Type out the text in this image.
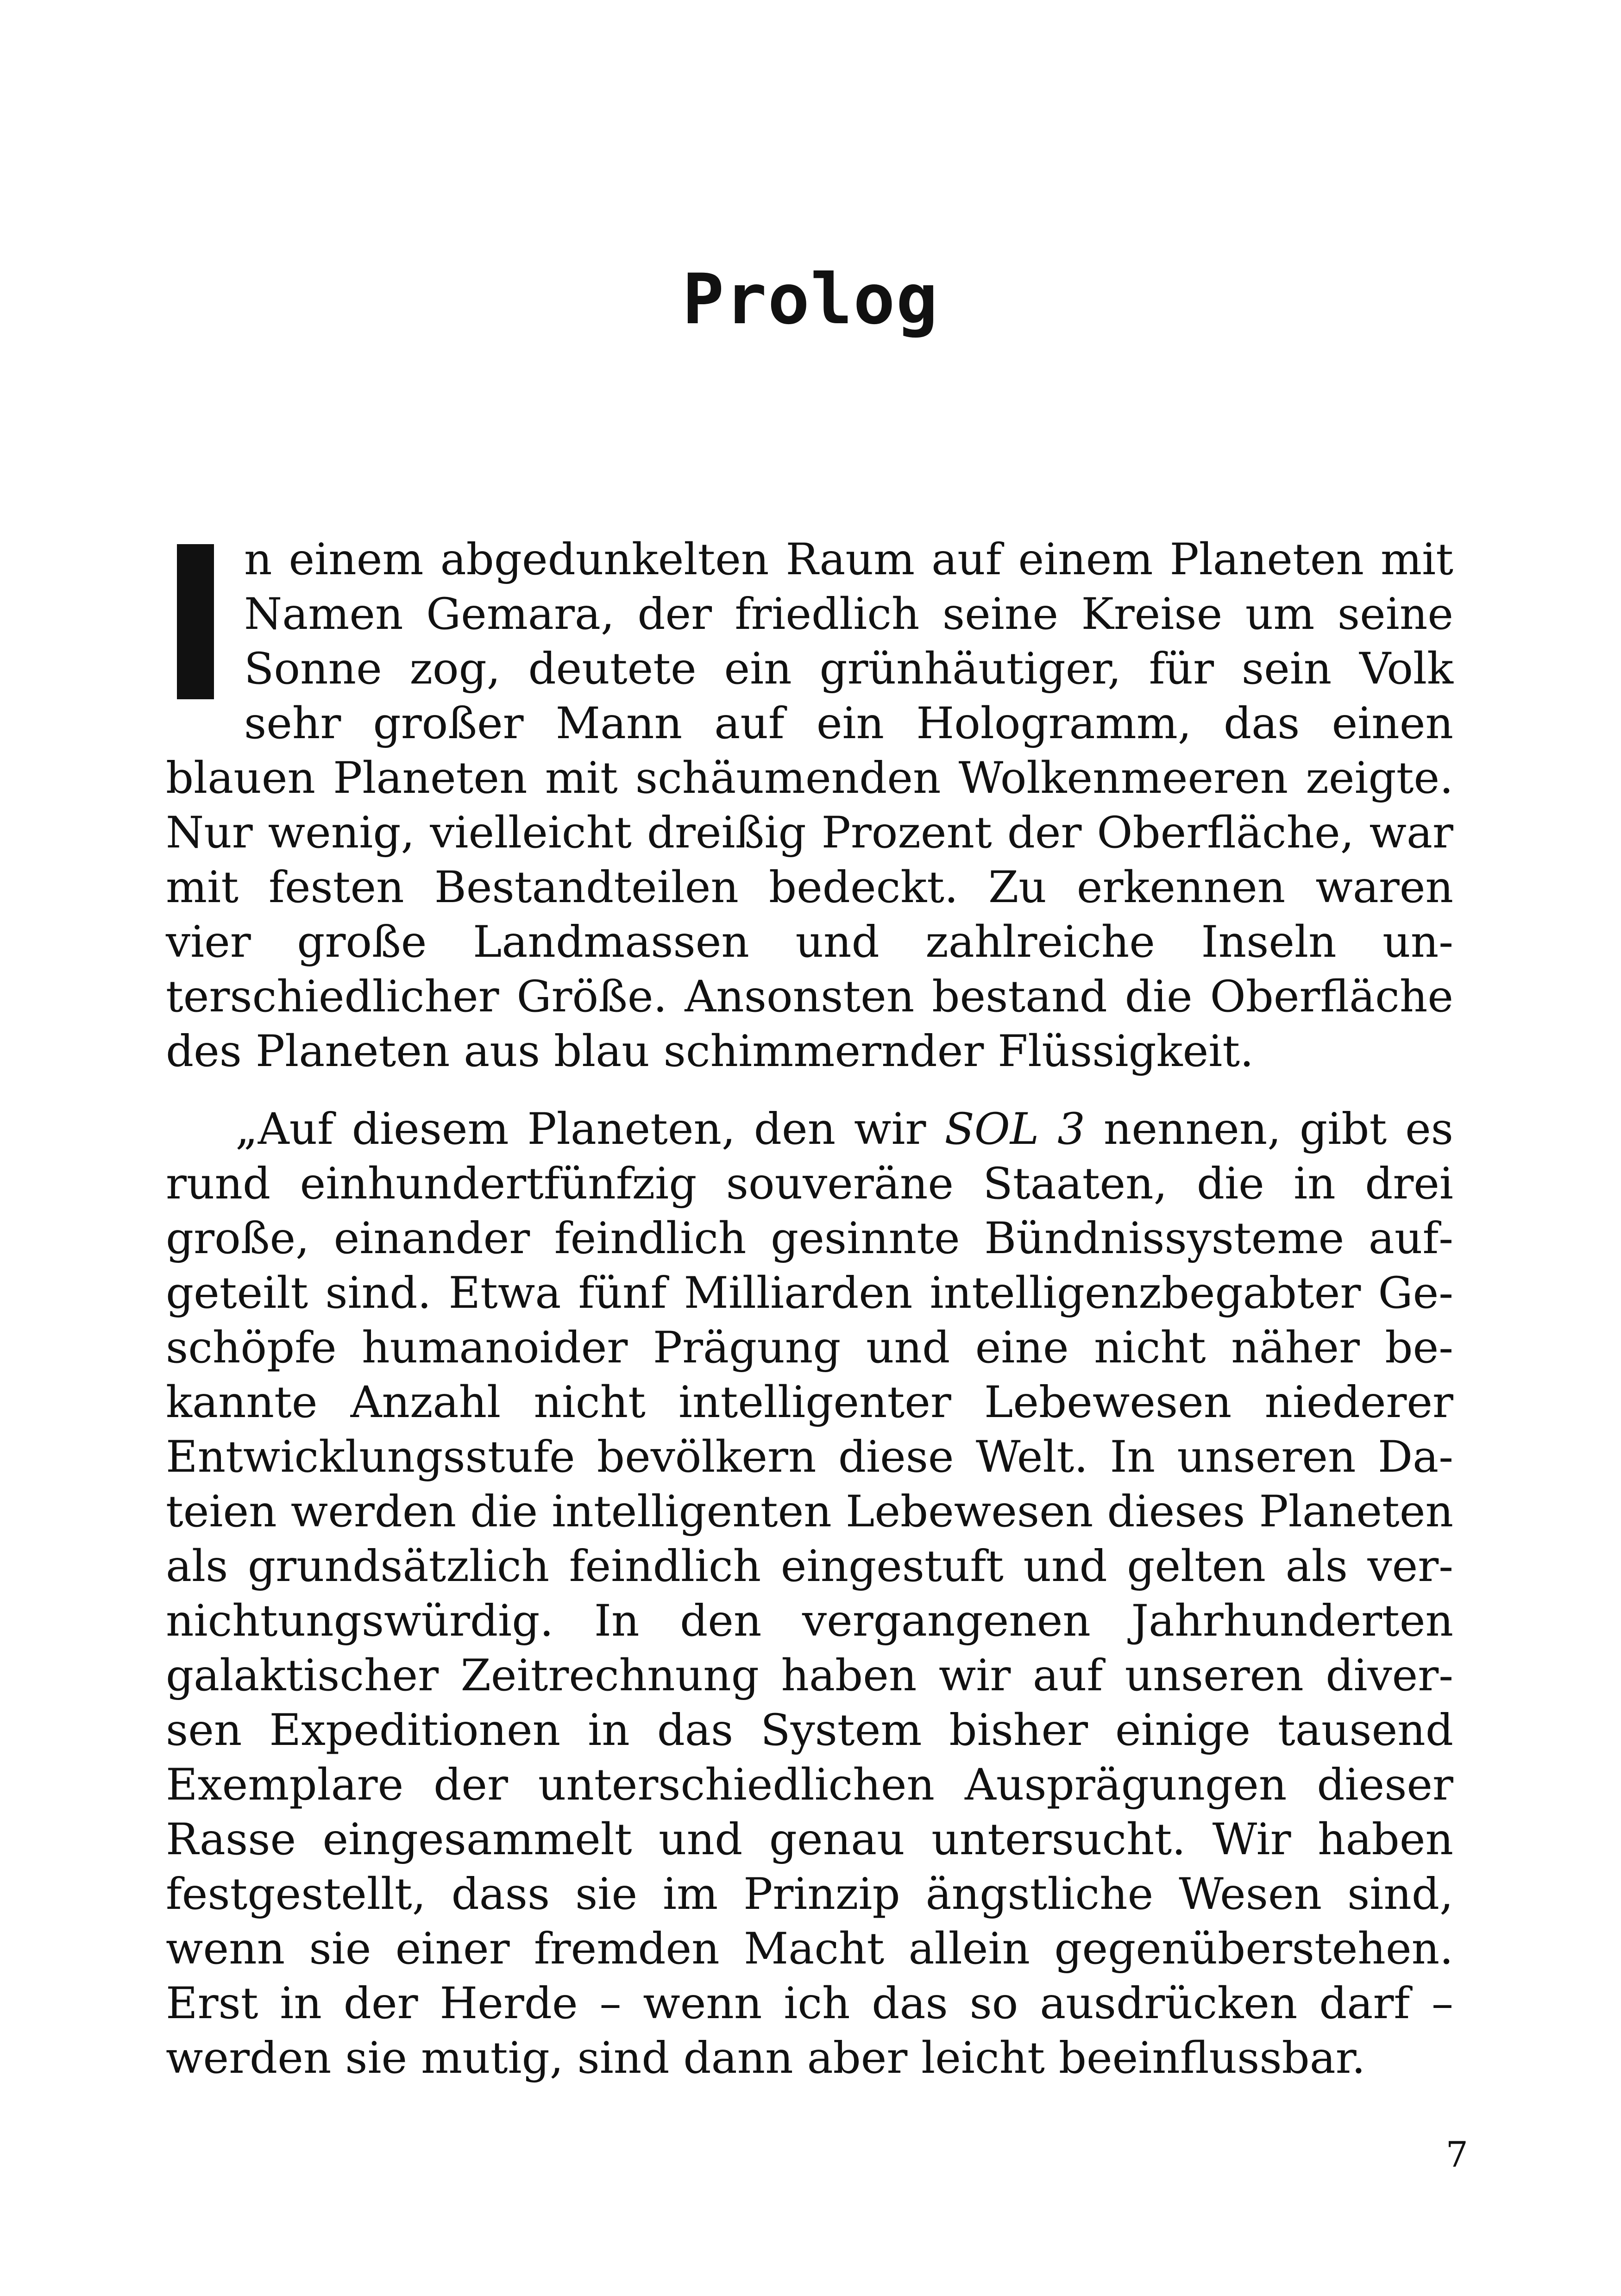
Prolog

n einem abgedunkelten Raum auf einem Planeten mit Namen Gemara, der friedlich seine Kreise um seine Sonne zog, deutete ein grünhäutiger, für sein Volk sehr großer Mann auf ein Hologramm, das einen blauen Planeten mit schäumenden Wolkenmeeren zeigte. Nur wenig, vielleicht dreißig Prozent der Oberfläche, war mit festen Bestandteilen bedeckt. Zu erkennen waren vier große Landmassen und zahlreiche Inseln unterschiedlicher Größe. Ansonsten bestand die Oberfläche des Planeten aus blau schimmernder Flüssigkeit.

„Auf diesem Planeten, den wir SOL 3 nennen, gibt es rund einhundertfünfzig souveräne Staaten, die in drei große, einander feindlich gesinnte Bündnissysteme aufgeteilt sind. Etwa fünf Milliarden intelligenzbegabter Geschöpfe humanoider Prägung und eine nicht näher bekannte Anzahl nicht intelligenter Lebewesen niederer Entwicklungsstufe bevölkern diese Welt. In unseren Dateien werden die intelligenten Lebewesen dieses Planeten als grundsätzlich feindlich eingestuft und gelten als vernichtungswürdig. In den vergangenen Jahrhunderten galaktischer Zeitrechnung haben wir auf unseren diversen Expeditionen in das System bisher einige tausend Exemplare der unterschiedlichen Ausprägungen dieser Rasse eingesammelt und genau untersucht. Wir haben festgestellt, dass sie im Prinzip ängstliche Wesen sind, wenn sie einer fremden Macht allein gegenüberstehen. Erst in der Herde – wenn ich das so ausdrücken darf – werden sie mutig, sind dann aber leicht beeinflussbar.

7
